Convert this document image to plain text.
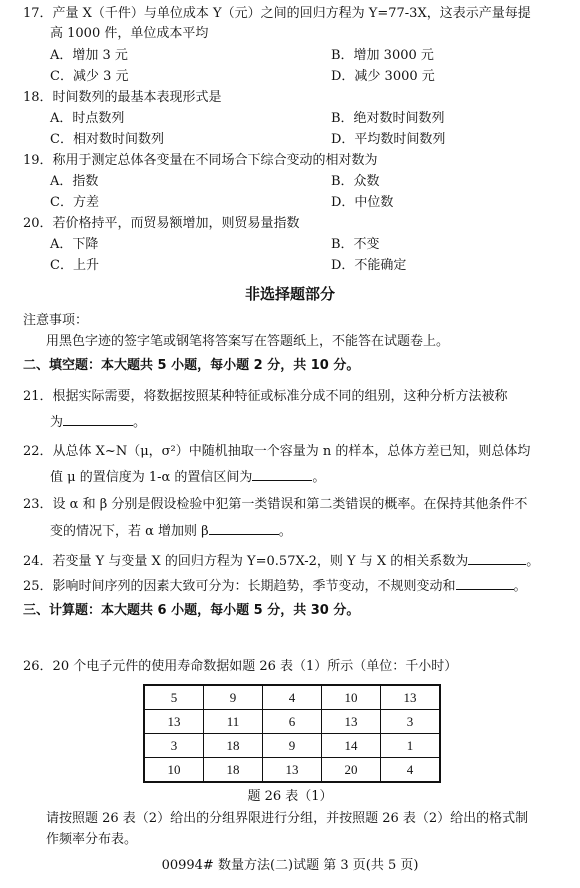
17．产量 X（千件）与单位成本 Y（元）之间的回归方程为 Y=77-3X，这表示产量每提
高 1000 件，单位成本平均
A．增加 3 元	B．增加 3000 元
C．减少 3 元	D．减少 3000 元
18．时间数列的最基本表现形式是
A．时点数列	B．绝对数时间数列
C．相对数时间数列	D．平均数时间数列
19．称用于测定总体各变量在不同场合下综合变动的相对数为
A．指数	B．众数
C．方差	D．中位数
20．若价格持平，而贸易额增加，则贸易量指数
A．下降	B．不变
C．上升	D．不能确定
非选择题部分
注意事项：
用黑色字迹的签字笔或钢笔将答案写在答题纸上，不能答在试题卷上。
二、填空题：本大题共 5 小题，每小题 2 分，共 10 分。
21．根据实际需要，将数据按照某种特征或标准分成不同的组别，这种分析方法被称
为	。
22．从总体 X~N（μ，σ²）中随机抽取一个容量为 n 的样本，总体方差已知，则总体均
值 μ 的置信度为 1-α 的置信区间为	。
23．设 α 和 β 分别是假设检验中犯第一类错误和第二类错误的概率。在保持其他条件不
变的情况下，若 α 增加则 β	。
24．若变量 Y 与变量 X 的回归方程为 Y=0.57X-2，则 Y 与 X 的相关系数为	。
25．影响时间序列的因素大致可分为：长期趋势，季节变动，不规则变动和	。
三、计算题：本大题共 6 小题，每小题 5 分，共 30 分。
26．20 个电子元件的使用寿命数据如题 26 表（1）所示（单位：千小时）
5	9	4	10	13
13	11	6	13	3
3	18	9	14	1
10	18	13	20	4
题 26 表（1）
请按照题 26 表（2）给出的分组界限进行分组，并按照题 26 表（2）给出的格式制
作频率分布表。
00994# 数量方法(二)试题 第 3 页(共 5 页)
